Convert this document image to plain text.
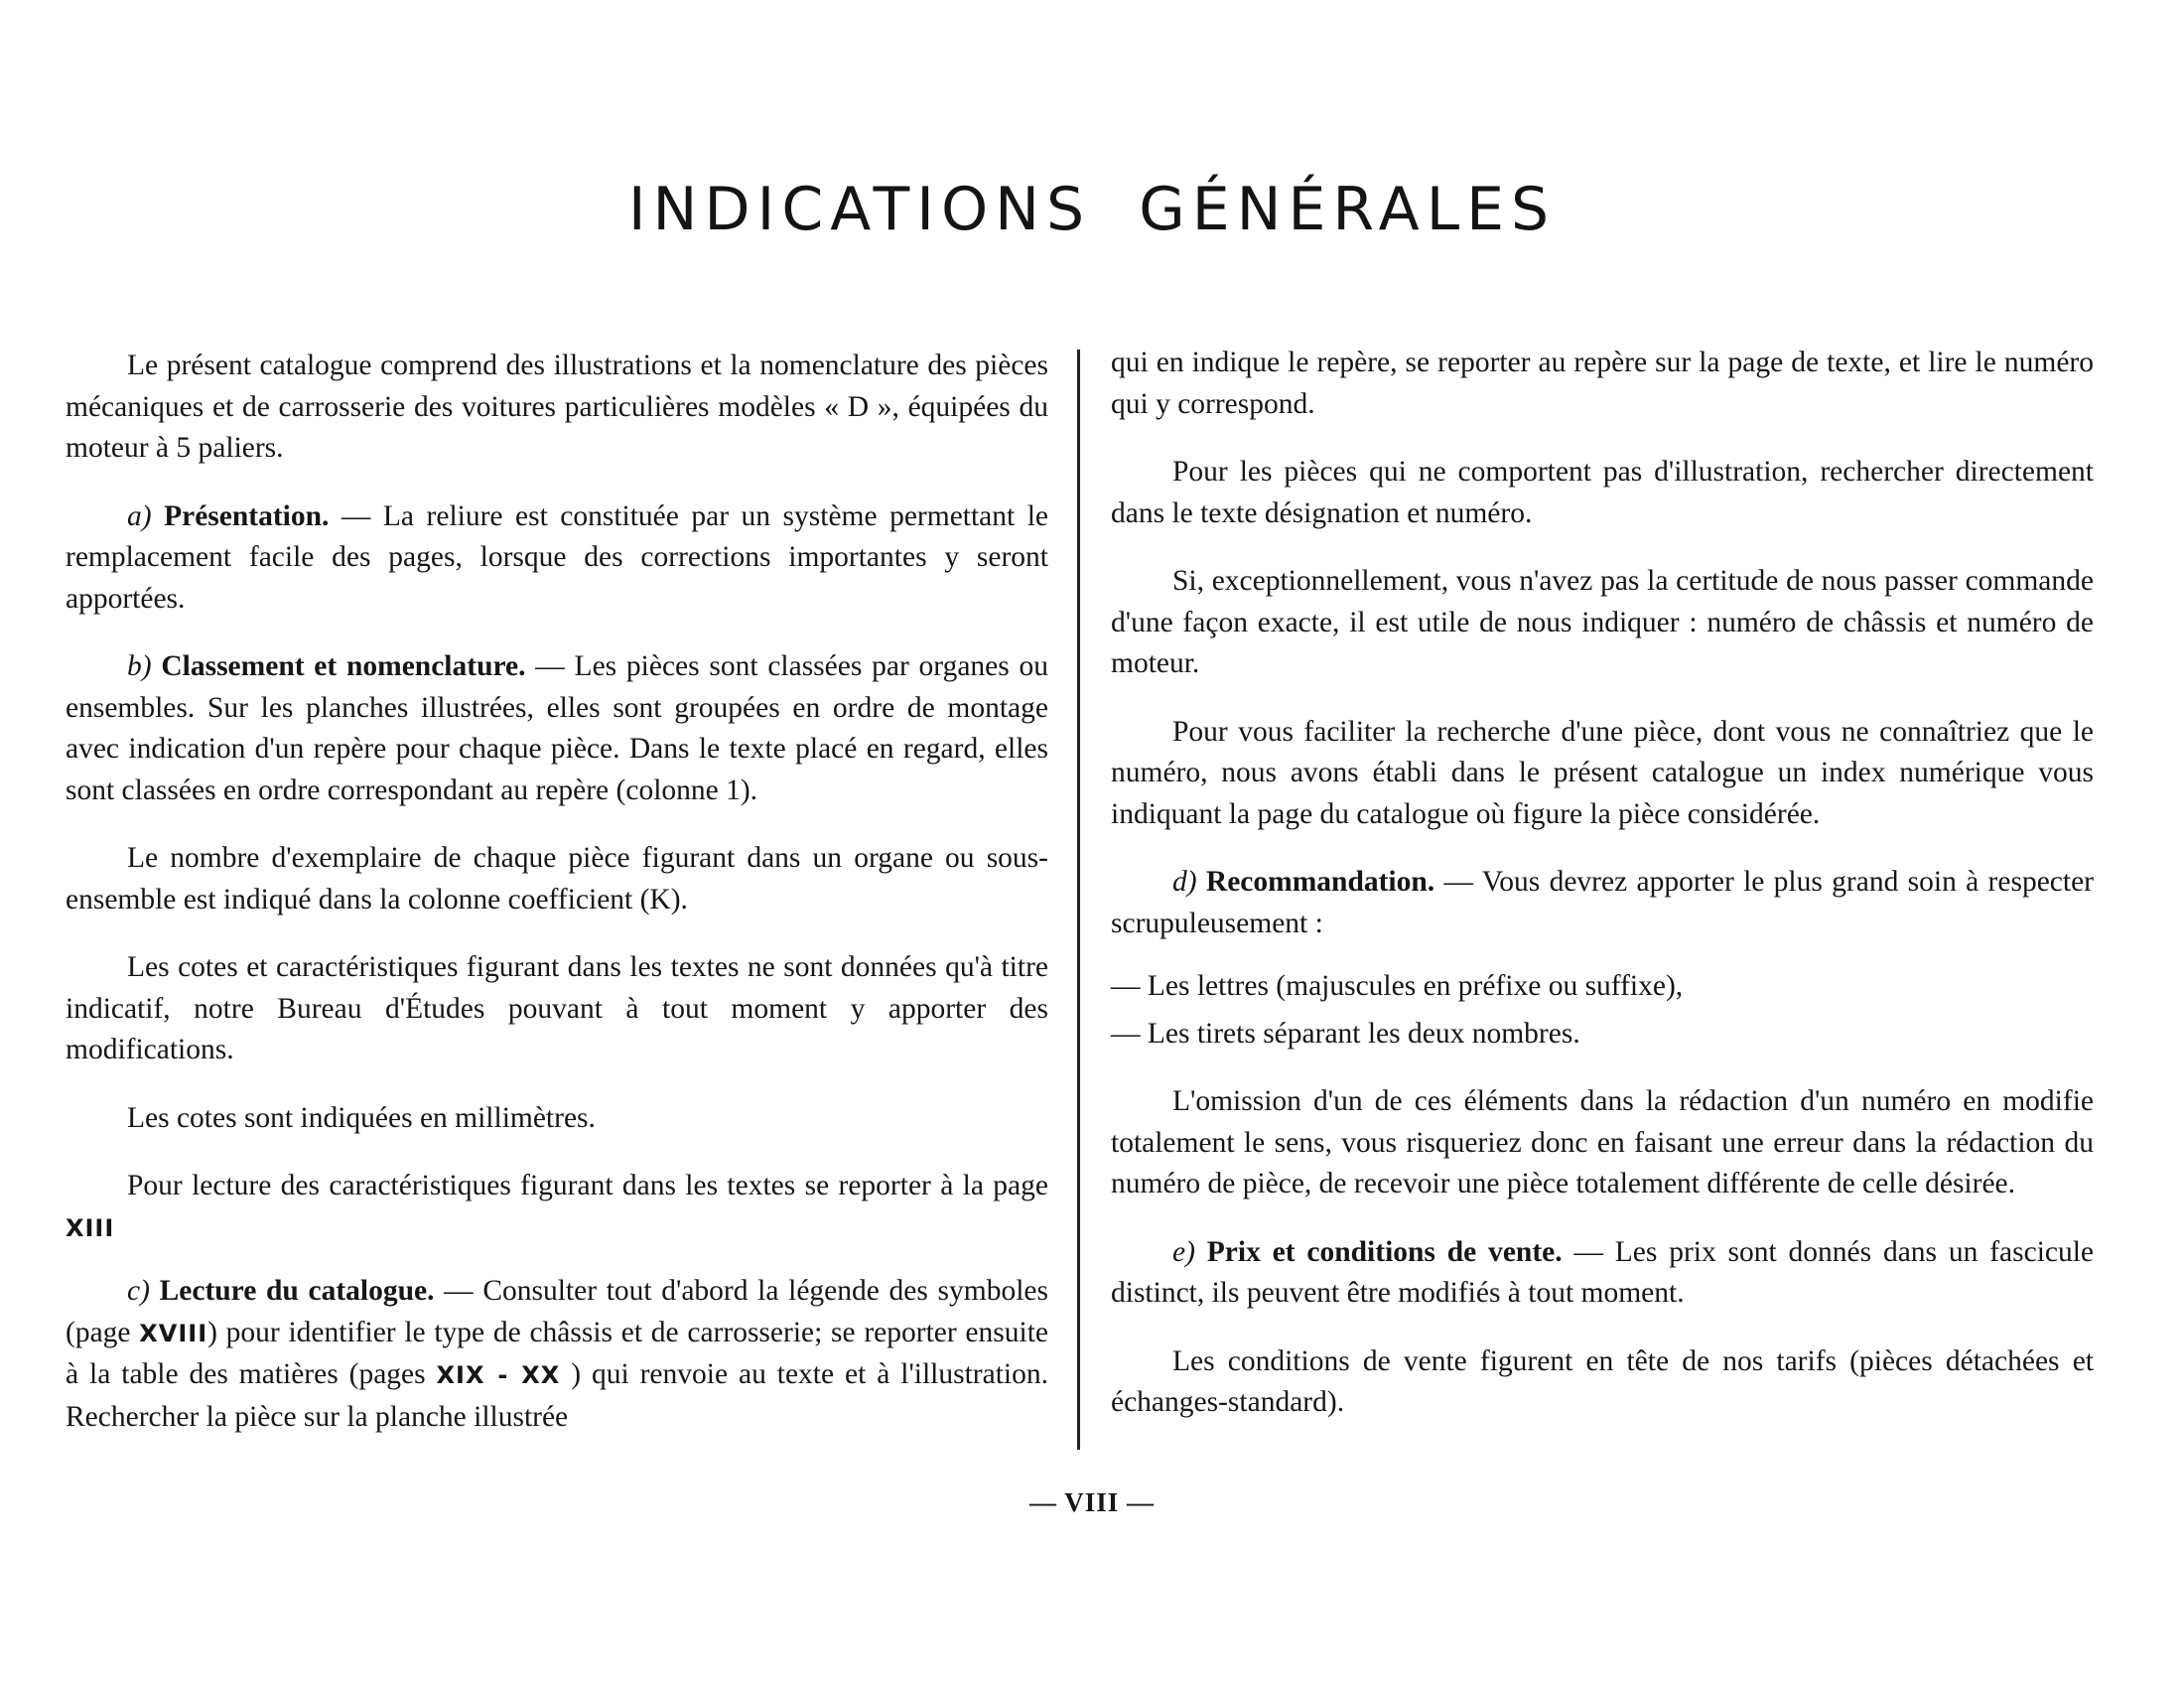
INDICATIONS GÉNÉRALES

Le présent catalogue comprend des illustrations et la nomenclature des pièces mécaniques et de carrosserie des voitures particulières modèles « D », équipées du moteur à 5 paliers.

a) Présentation. — La reliure est constituée par un système permettant le remplacement facile des pages, lorsque des corrections importantes y seront apportées.

b) Classement et nomenclature. — Les pièces sont classées par organes ou ensembles. Sur les planches illustrées, elles sont groupées en ordre de montage avec indication d'un repère pour chaque pièce. Dans le texte placé en regard, elles sont classées en ordre correspondant au repère (colonne 1).

Le nombre d'exemplaire de chaque pièce figurant dans un organe ou sous-ensemble est indiqué dans la colonne coefficient (K).

Les cotes et caractéristiques figurant dans les textes ne sont données qu'à titre indicatif, notre Bureau d'Études pouvant à tout moment y apporter des modifications.

Les cotes sont indiquées en millimètres.

Pour lecture des caractéristiques figurant dans les textes se reporter à la page XIII

c) Lecture du catalogue. — Consulter tout d'abord la légende des symboles (page XVIII) pour identifier le type de châssis et de carrosserie; se reporter ensuite à la table des matières (pages XIX - XX ) qui renvoie au texte et à l'illustration. Rechercher la pièce sur la planche illustrée

qui en indique le repère, se reporter au repère sur la page de texte, et lire le numéro qui y correspond.

Pour les pièces qui ne comportent pas d'illustration, rechercher directement dans le texte désignation et numéro.

Si, exceptionnellement, vous n'avez pas la certitude de nous passer commande d'une façon exacte, il est utile de nous indiquer : numéro de châssis et numéro de moteur.

Pour vous faciliter la recherche d'une pièce, dont vous ne connaîtriez que le numéro, nous avons établi dans le présent catalogue un index numérique vous indiquant la page du catalogue où figure la pièce considérée.

d) Recommandation. — Vous devrez apporter le plus grand soin à respecter scrupuleusement :

— Les lettres (majuscules en préfixe ou suffixe),

— Les tirets séparant les deux nombres.

L'omission d'un de ces éléments dans la rédaction d'un numéro en modifie totalement le sens, vous risqueriez donc en faisant une erreur dans la rédaction du numéro de pièce, de recevoir une pièce totalement différente de celle désirée.

e) Prix et conditions de vente. — Les prix sont donnés dans un fascicule distinct, ils peuvent être modifiés à tout moment.

Les conditions de vente figurent en tête de nos tarifs (pièces détachées et échanges-standard).

— VIII —
